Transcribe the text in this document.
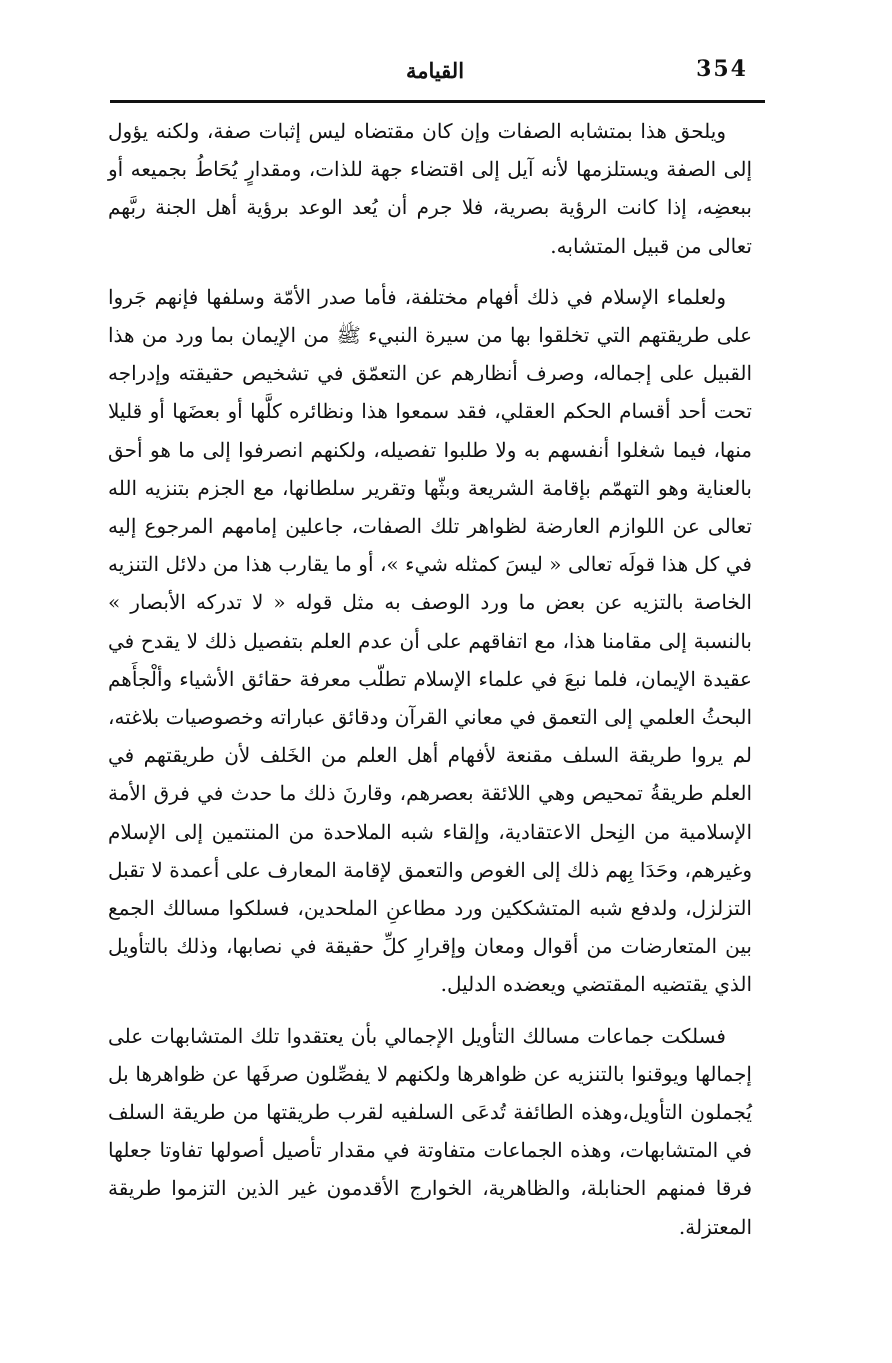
354
القيامة

ويلحق هذا بمتشابه الصفات وإن كان مقتضاه ليس إثبات صفة، ولكنه يؤول إلى الصفة ويستلزمها لأنه آيل إلى اقتضاء جهة للذات، ومقدارٍ يُحَاطُ بجميعه أو ببعضِه، إذا كانت الرؤية بصرية، فلا جرم أن يُعد الوعد برؤية أهل الجنة ربَّهم تعالى من قبيل المتشابه.

ولعلماء الإسلام في ذلك أفهام مختلفة، فأما صدر الأمّة وسلفها فإنهم جَروا على طريقتهم التي تخلقوا بها من سيرة النبيء ﷺ من الإيمان بما ورد من هذا القبيل على إجماله، وصرف أنظارهم عن التعمّق في تشخيص حقيقته وإدراجه تحت أحد أقسام الحكم العقلي، فقد سمعوا هذا ونظائره كلَّها أو بعضَها أو قليلا منها، فيما شغلوا أنفسهم به ولا طلبوا تفصيله، ولكنهم انصرفوا إلى ما هو أحق بالعناية وهو التهمّم بإقامة الشريعة وبثّها وتقرير سلطانها، مع الجزم بتنزيه الله تعالى عن اللوازم العارضة لظواهر تلك الصفات، جاعلين إمامهم المرجوع إليه في كل هذا قولَه تعالى « ليسَ كمثله شيء »، أو ما يقارب هذا من دلائل التنزيه الخاصة بالتزيه عن بعض ما ورد الوصف به مثل قوله « لا تدركه الأبصار » بالنسبة إلى مقامنا هذا، مع اتفاقهم على أن عدم العلم بتفصيل ذلك لا يقدح في عقيدة الإيمان، فلما نبعَ في علماء الإسلام تطلّب معرفة حقائق الأشياء وألْجأَهم البحثُ العلمي إلى التعمق في معاني القرآن ودقائق عباراته وخصوصيات بلاغته، لم يروا طريقة السلف مقنعة لأفهام أهل العلم من الخَلف لأن طريقتهم في العلم طريقةُ تمحيص وهي اللائقة بعصرهم، وقارنَ ذلك ما حدث في فرق الأمة الإسلامية من النِحل الاعتقادية، وإلقاء شبه الملاحدة من المنتمين إلى الإسلام وغيرهم، وحَدَا بِهم ذلك إلى الغوص والتعمق لإقامة المعارف على أعمدة لا تقبل التزلزل، ولدفع شبه المتشككين ورد مطاعنِ الملحدين، فسلكوا مسالك الجمع بين المتعارضات من أقوال ومعان وإقرارِ كلِّ حقيقة في نصابها، وذلك بالتأويل الذي يقتضيه المقتضي ويعضده الدليل.

فسلكت جماعات مسالك التأويل الإجمالي بأن يعتقدوا تلك المتشابهات على إجمالها ويوقنوا بالتنزيه عن ظواهرها ولكنهم لا يفصِّلون صرفَها عن ظواهرها بل يُجملون التأويل،وهذه الطائفة تُدعَى السلفيه لقرب طريقتها من طريقة السلف في المتشابهات، وهذه الجماعات متفاوتة في مقدار تأصيل أصولها تفاوتا جعلها فرقا فمنهم الحنابلة، والظاهرية، الخوارج الأقدمون غير الذين التزموا طريقة المعتزلة.
